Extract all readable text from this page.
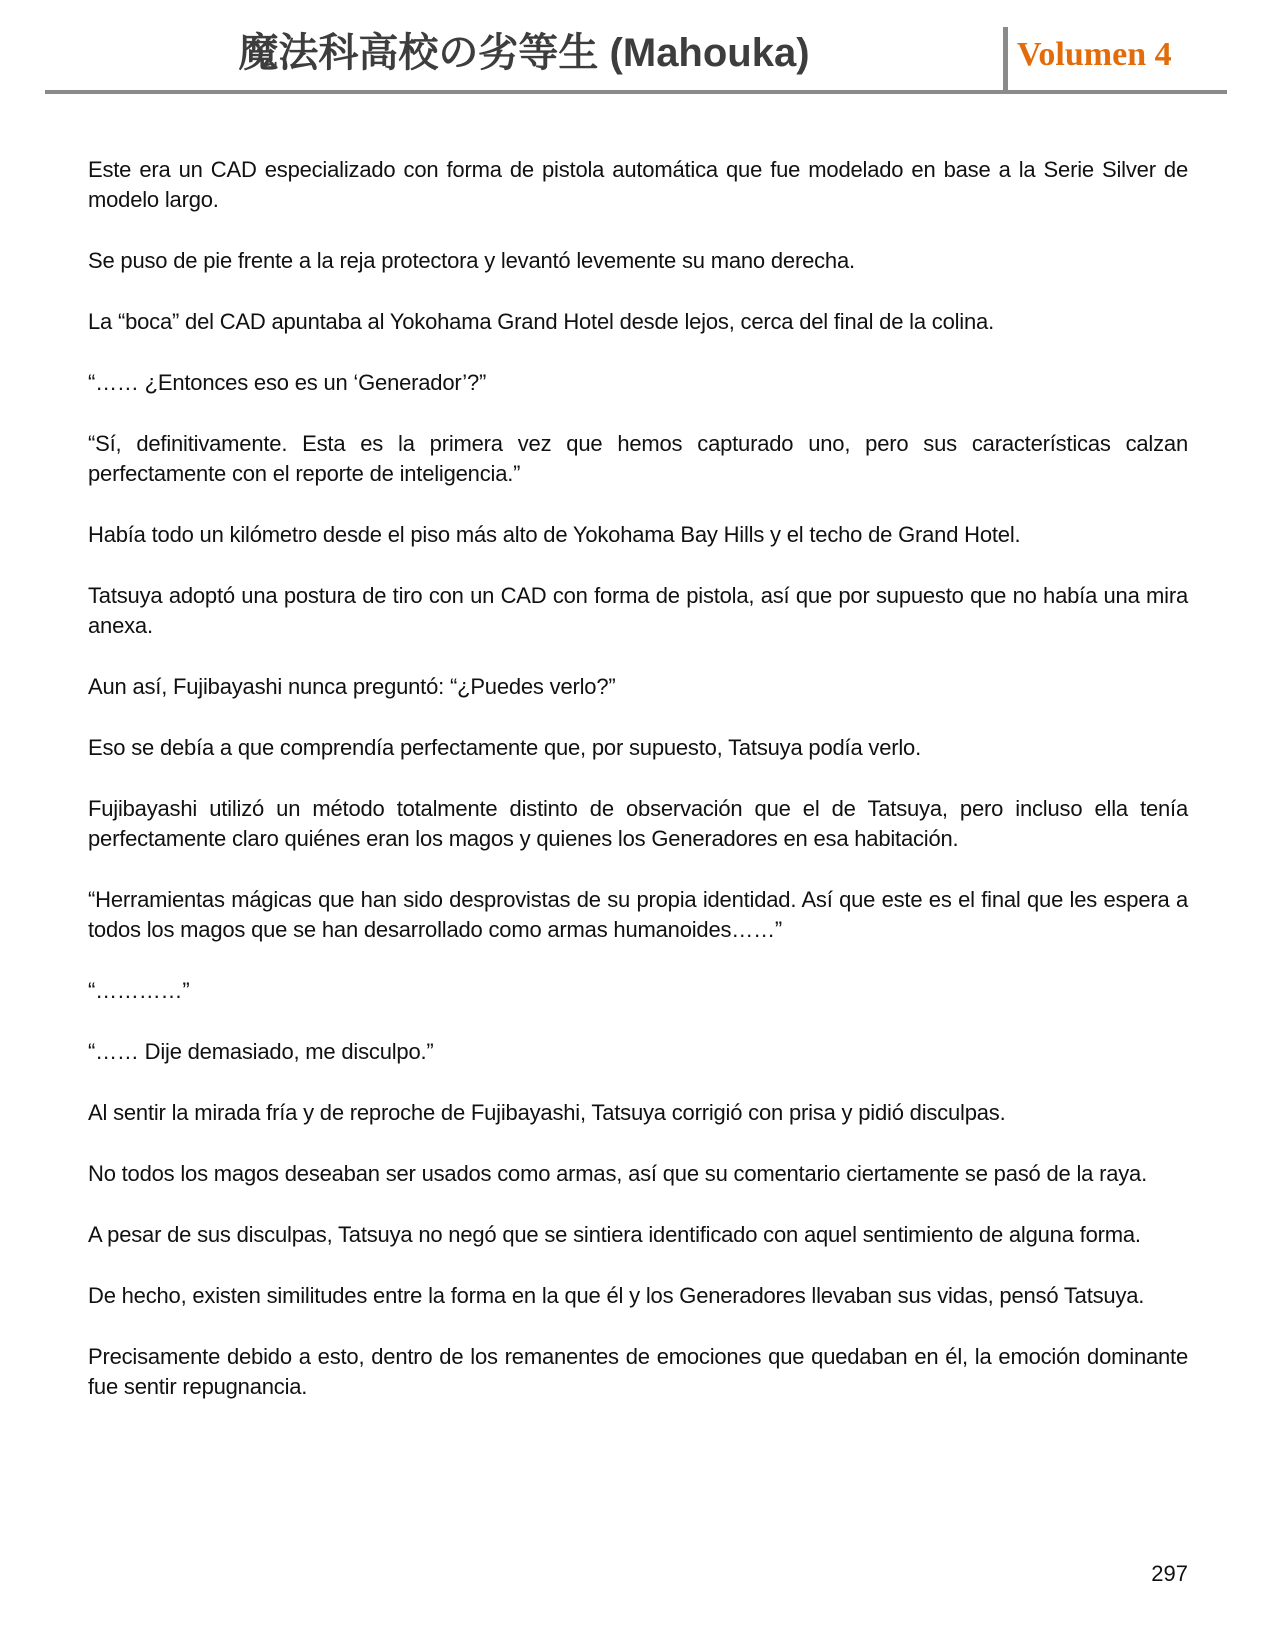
魔法科高校の劣等生 (Mahouka)	Volumen 4

Este era un CAD especializado con forma de pistola automática que fue modelado en base a la Serie Silver de modelo largo.

Se puso de pie frente a la reja protectora y levantó levemente su mano derecha.

La “boca” del CAD apuntaba al Yokohama Grand Hotel desde lejos, cerca del final de la colina.

“…… ¿Entonces eso es un ‘Generador’?”

“Sí, definitivamente. Esta es la primera vez que hemos capturado uno, pero sus características calzan perfectamente con el reporte de inteligencia.”

Había todo un kilómetro desde el piso más alto de Yokohama Bay Hills y el techo de Grand Hotel.

Tatsuya adoptó una postura de tiro con un CAD con forma de pistola, así que por supuesto que no había una mira anexa.

Aun así, Fujibayashi nunca preguntó: “¿Puedes verlo?”

Eso se debía a que comprendía perfectamente que, por supuesto, Tatsuya podía verlo.

Fujibayashi utilizó un método totalmente distinto de observación que el de Tatsuya, pero incluso ella tenía perfectamente claro quiénes eran los magos y quienes los Generadores en esa habitación.

“Herramientas mágicas que han sido desprovistas de su propia identidad. Así que este es el final que les espera a todos los magos que se han desarrollado como armas humanoides……”

“…………”

“…… Dije demasiado, me disculpo.”

Al sentir la mirada fría y de reproche de Fujibayashi, Tatsuya corrigió con prisa y pidió disculpas.

No todos los magos deseaban ser usados como armas, así que su comentario ciertamente se pasó de la raya.

A pesar de sus disculpas, Tatsuya no negó que se sintiera identificado con aquel sentimiento de alguna forma.

De hecho, existen similitudes entre la forma en la que él y los Generadores llevaban sus vidas, pensó Tatsuya.

Precisamente debido a esto, dentro de los remanentes de emociones que quedaban en él, la emoción dominante fue sentir repugnancia.

297
